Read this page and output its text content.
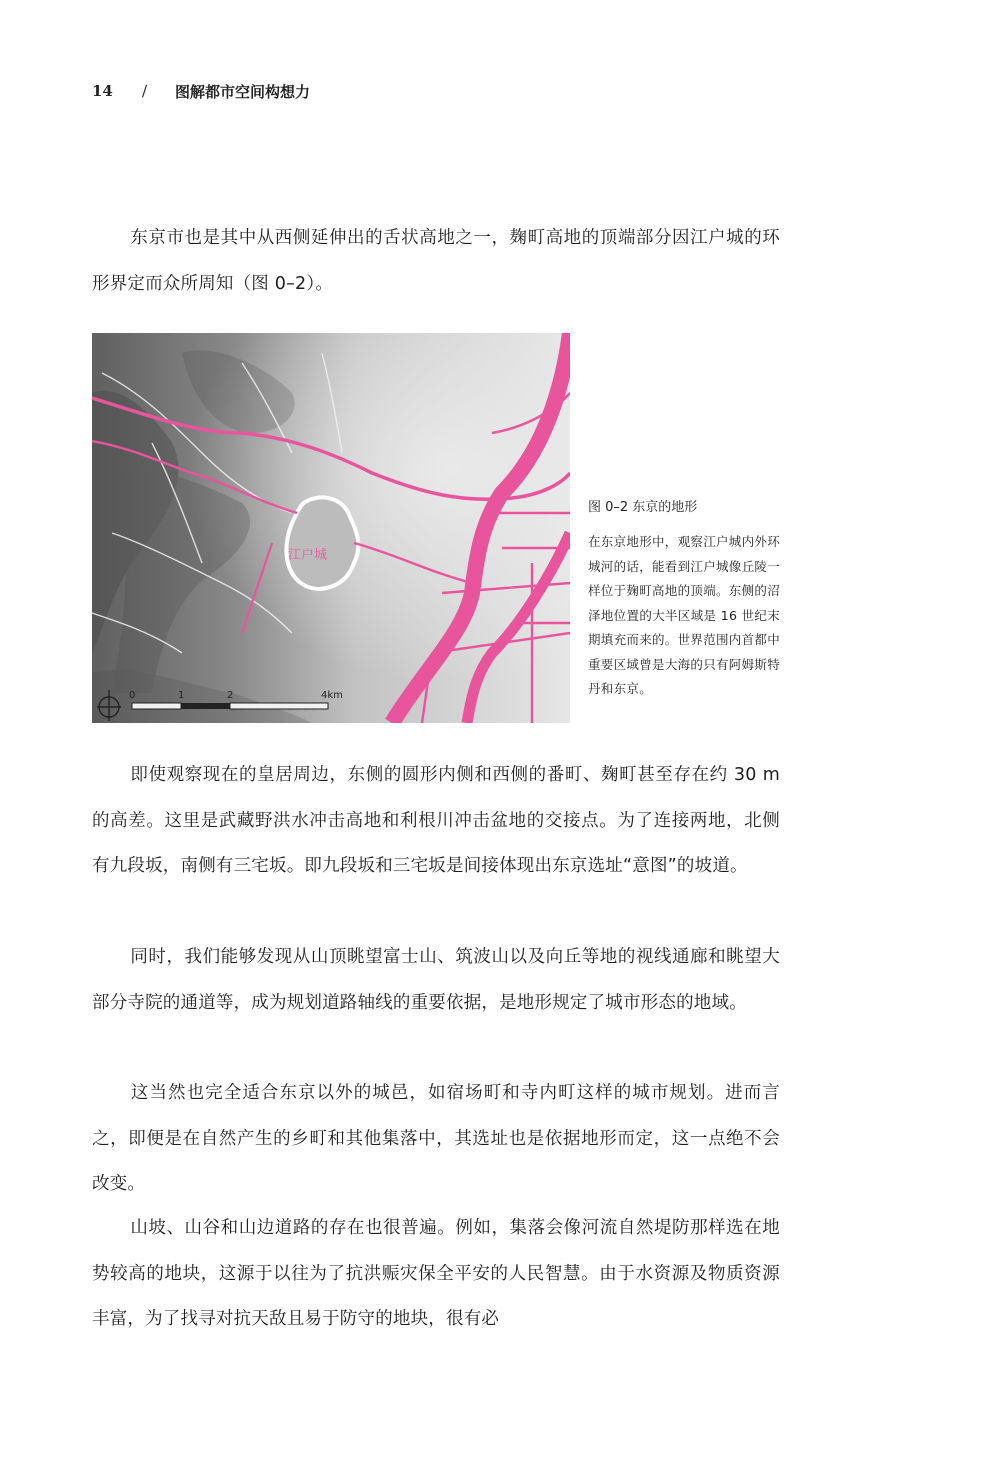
14	/	图解都市空间构想力

东京市也是其中从西侧延伸出的舌状高地之一，麹町高地的顶端部分因江户城的环形界定而众所周知（图 0–2）。

江户城
0	1	2	4km
图 0–2 东京的地形
在东京地形中，观察江户城内外环城河的话，能看到江户城像丘陵一样位于麹町高地的顶端。东侧的沼泽地位置的大半区域是 16 世纪末期填充而来的。世界范围内首都中重要区域曾是大海的只有阿姆斯特丹和东京。

即使观察现在的皇居周边，东侧的圆形内侧和西侧的番町、麹町甚至存在约 30 m 的高差。这里是武藏野洪水冲击高地和利根川冲击盆地的交接点。为了连接两地，北侧有九段坂，南侧有三宅坂。即九段坂和三宅坂是间接体现出东京选址“意图”的坡道。

同时，我们能够发现从山顶眺望富士山、筑波山以及向丘等地的视线通廊和眺望大部分寺院的通道等，成为规划道路轴线的重要依据，是地形规定了城市形态的地域。

这当然也完全适合东京以外的城邑，如宿场町和寺内町这样的城市规划。进而言之，即便是在自然产生的乡町和其他集落中，其选址也是依据地形而定，这一点绝不会改变。

山坡、山谷和山边道路的存在也很普遍。例如，集落会像河流自然堤防那样选在地势较高的地块，这源于以往为了抗洪赈灾保全平安的人民智慧。由于水资源及物质资源丰富，为了找寻对抗天敌且易于防守的地块，很有必
